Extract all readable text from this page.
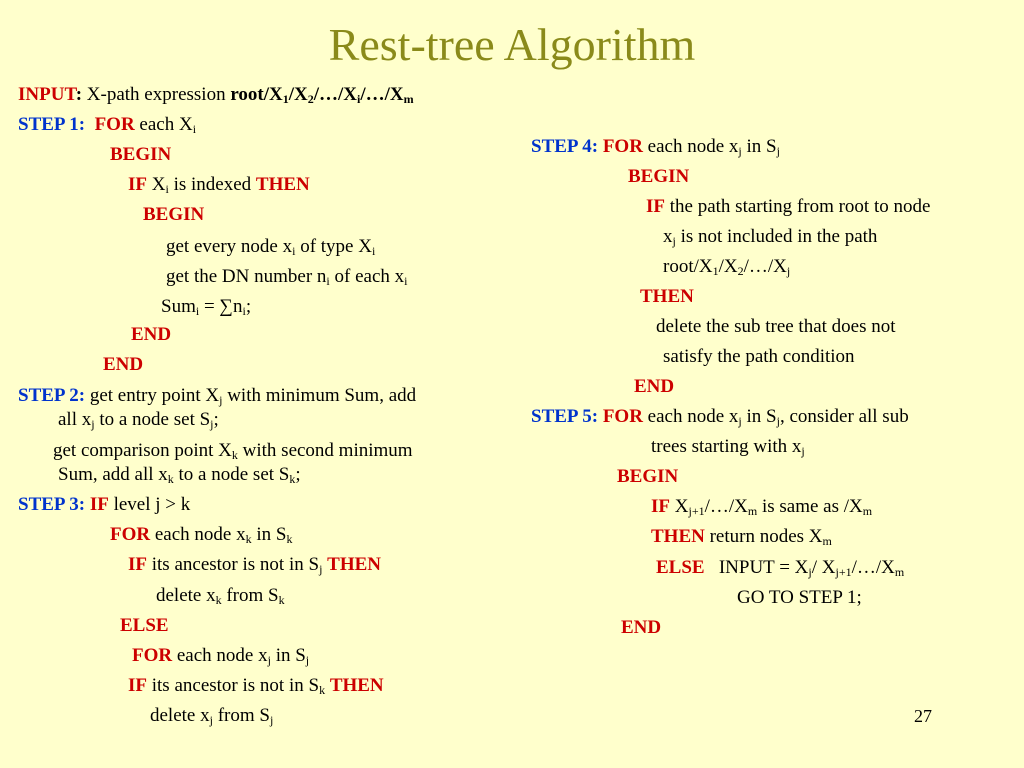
Rest-tree Algorithm
INPUT: X-path expression root/$X_1/X_2/\dots/X_i/\dots/X_m$
STEP 1:  FOR each $X_i$
BEGIN
IF $X_i$ is indexed THEN
BEGIN
get every node $x_i$ of type $X_i$
get the DN number $n_i$ of each $x_i$
$Sum_i = \sum n_i$;
END
END
STEP 2: get entry point $X_j$ with minimum Sum, add
all $x_j$ to a node set $S_j$;
get comparison point $X_k$ with second minimum
Sum, add all $x_k$ to a node set $S_k$;
STEP 3: IF level j > k
FOR each node $x_k$ in $S_k$
IF its ancestor is not in $S_j$ THEN
delete $x_k$ from $S_k$
ELSE
FOR each node $x_j$ in $S_j$
IF its ancestor is not in $S_k$ THEN
delete $x_j$ from $S_j$
STEP 4: FOR each node $x_j$ in $S_j$
BEGIN
IF the path starting from root to node
$x_j$ is not included in the path
root/$X_1/X_2/\dots/X_j$
THEN
delete the sub tree that does not
satisfy the path condition
END
STEP 5: FOR each node $x_j$ in $S_j$, consider all sub
trees starting with $x_j$
BEGIN
IF $X_{j+1}/\dots/X_m$ is same as $/X_m$
THEN return nodes $X_m$
ELSE INPUT = $X_j/$ $X_{j+1}/\dots/X_m$
GO TO STEP 1;
END
27
